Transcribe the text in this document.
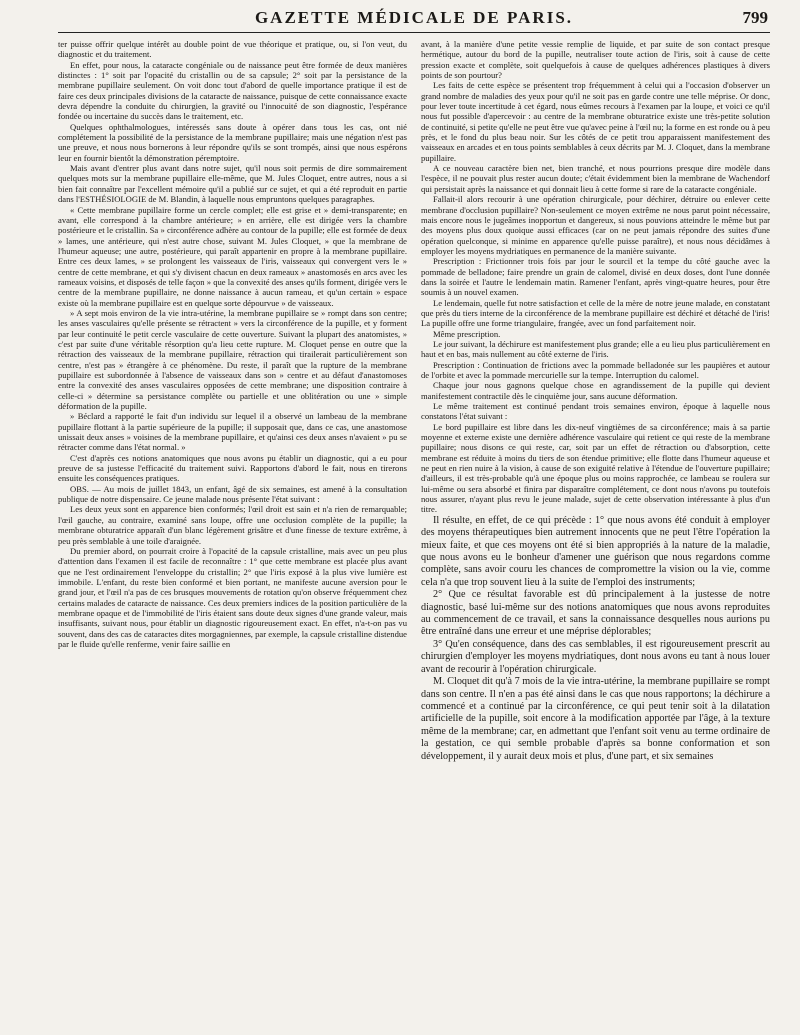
GAZETTE MÉDICALE DE PARIS.	799

ter puisse offrir quelque intérêt au double point de vue théorique et pratique, ou, si l'on veut, du diagnostic et du traitement.

En effet, pour nous, la cataracte congéniale ou de naissance peut être formée de deux manières distinctes : 1° soit par l'opacité du cristallin ou de sa capsule; 2° soit par la persistance de la membrane pupillaire seulement. On voit donc tout d'abord de quelle importance pratique il est de faire ces deux principales divisions de la cataracte de naissance, puisque de cette connaissance exacte devra dépendre la conduite du chirurgien, la gravité ou l'innocuité de son diagnostic, l'espérance fondée ou incertaine du succès dans le traitement, etc.

Quelques ophthalmologues, intéressés sans doute à opérer dans tous les cas, ont nié complétement la possibilité de la persistance de la membrane pupillaire; mais une négation n'est pas une preuve, et nous nous bornerons à leur répondre qu'ils se sont trompés, ainsi que nous espérons leur en fournir bientôt la démonstration péremptoire.

Mais avant d'entrer plus avant dans notre sujet, qu'il nous soit permis de dire sommairement quelques mots sur la membrane pupillaire elle-même, que M. Jules Cloquet, entre autres, nous a si bien fait connaître par l'excellent mémoire qu'il a publié sur ce sujet, et qui a été reproduit en partie dans l'ESTHÉSIOLOGIE de M. Blandin, à laquelle nous empruntons quelques paragraphes.

« Cette membrane pupillaire forme un cercle complet; elle est grise et » demi-transparente; en avant, elle correspond à la chambre antérieure; » en arrière, elle est dirigée vers la chambre postérieure et le cristallin. Sa » circonférence adhère au contour de la pupille; elle est formée de deux » lames, une antérieure, qui n'est autre chose, suivant M. Jules Cloquet, » que la membrane de l'humeur aqueuse; une autre, postérieure, qui paraît appartenir en propre à la membrane pupillaire. Entre ces deux lames, » se prolongent les vaisseaux de l'iris, vaisseaux qui convergent vers le » centre de cette membrane, et qui s'y divisent chacun en deux rameaux » anastomosés en arcs avec les rameaux voisins, et disposés de telle façon » que la convexité des anses qu'ils forment, dirigée vers le centre de la membrane pupillaire, ne donne naissance à aucun rameau, et qu'un certain » espace existe où la membrane pupillaire est en quelque sorte dépourvue » de vaisseaux.

» A sept mois environ de la vie intra-utérine, la membrane pupillaire se » rompt dans son centre; les anses vasculaires qu'elle présente se rétractent » vers la circonférence de la pupille, et y forment par leur continuité le petit cercle vasculaire de cette ouverture. Suivant la plupart des anatomistes, » c'est par suite d'une véritable résorption qu'a lieu cette rupture. M. Cloquet pense en outre que la rétraction des vaisseaux de la membrane pupillaire, rétraction qui tirailerait particulièrement son centre, n'est pas » étrangère à ce phénomène. Du reste, il paraît que la rupture de la membrane pupillaire est subordonnée à l'absence de vaisseaux dans son » centre et au défaut d'anastomoses entre la convexité des anses vasculaires opposées de cette membrane; une disposition contraire à celle-ci » détermine sa persistance complète ou partielle et une oblitération ou une » simple déformation de la pupille.

» Béclard a rapporté le fait d'un individu sur lequel il a observé un lambeau de la membrane pupillaire flottant à la partie supérieure de la pupille; il supposait que, dans ce cas, une anastomose unissait deux anses » voisines de la membrane pupillaire, et qu'ainsi ces deux anses n'avaient » pu se rétracter comme dans l'état normal. »

C'est d'après ces notions anatomiques que nous avons pu établir un diagnostic, qui a eu pour preuve de sa justesse l'efficacité du traitement suivi. Rapportons d'abord le fait, nous en tirerons ensuite les conséquences pratiques.

OBS. — Au mois de juillet 1843, un enfant, âgé de six semaines, est amené à la consultation publique de notre dispensaire. Ce jeune malade nous présente l'état suivant :

Les deux yeux sont en apparence bien conformés; l'œil droit est sain et n'a rien de remarquable; l'œil gauche, au contraire, examiné sans loupe, offre une occlusion complète de la pupille; la membrane obturatrice apparaît d'un blanc légèrement grisâtre et d'une finesse de texture extrême, à peu près semblable à une toile d'araignée.

Du premier abord, on pourrait croire à l'opacité de la capsule cristalline, mais avec un peu plus d'attention dans l'examen il est facile de reconnaître : 1° que cette membrane est placée plus avant que ne l'est ordinairement l'enveloppe du cristallin; 2° que l'iris exposé à la plus vive lumière est immobile. L'enfant, du reste bien conformé et bien portant, ne manifeste aucune aversion pour le grand jour, et l'œil n'a pas de ces brusques mouvements de rotation qu'on observe fréquemment chez certains malades de cataracte de naissance. Ces deux premiers indices de la position particulière de la membrane opaque et de l'immobilité de l'iris étaient sans doute deux signes d'une grande valeur, mais insuffisants, suivant nous, pour établir un diagnostic rigoureusement exact. En effet, n'a-t-on pas vu souvent, dans des cas de cataractes dites morgagniennes, par exemple, la capsule cristalline distendue par le fluide qu'elle renferme, venir faire saillie en

avant, à la manière d'une petite vessie remplie de liquide, et par suite de son contact presque hermétique, autour du bord de la pupille, neutraliser toute action de l'iris, soit à cause de cette pression exacte et complète, soit quelquefois à cause de quelques adhérences plastiques à divers points de son pourtour?

Les faits de cette espèce se présentent trop fréquemment à celui qui a l'occasion d'observer un grand nombre de maladies des yeux pour qu'il ne soit pas en garde contre une telle méprise. Or donc, pour lever toute incertitude à cet égard, nous eûmes recours à l'examen par la loupe, et voici ce qu'il nous fut possible d'apercevoir : au centre de la membrane obturatrice existe une très-petite solution de continuité, si petite qu'elle ne peut être vue qu'avec peine à l'œil nu; la forme en est ronde ou à peu près, et le fond du plus beau noir. Sur les côtés de ce petit trou apparaissent manifestement des vaisseaux en arcades et en tous points semblables à ceux décrits par M. J. Cloquet, dans la membrane pupillaire.

A ce nouveau caractère bien net, bien tranché, et nous pourrions presque dire modèle dans l'espèce, il ne pouvait plus rester aucun doute; c'était évidemment bien la membrane de Wachendorf qui persistait après la naissance et qui donnait lieu à cette forme si rare de la cataracte congéniale.

Fallait-il alors recourir à une opération chirurgicale, pour déchirer, détruire ou enlever cette membrane d'occlusion pupillaire? Non-seulement ce moyen extrême ne nous parut point nécessaire, mais encore nous le jugeâmes inopportun et dangereux, si nous pouvions atteindre le même but par des moyens plus doux quoique aussi efficaces (car on ne peut jamais répondre des suites d'une opération quelconque, si minime en apparence qu'elle puisse paraître), et nous nous décidâmes à employer les moyens mydriatiques en permanence de la manière suivante.

Prescription : Frictionner trois fois par jour le sourcil et la tempe du côté gauche avec la pommade de belladone; faire prendre un grain de calomel, divisé en deux doses, dont l'une donnée dans la soirée et l'autre le lendemain matin. Ramener l'enfant, après vingt-quatre heures, pour être soumis à un nouvel examen.

Le lendemain, quelle fut notre satisfaction et celle de la mère de notre jeune malade, en constatant que près du tiers interne de la circonférence de la membrane pupillaire est déchiré et détaché de l'iris! La pupille offre une forme triangulaire, frangée, avec un fond parfaitement noir.

Même prescription.

Le jour suivant, la déchirure est manifestement plus grande; elle a eu lieu plus particulièrement en haut et en bas, mais nullement au côté externe de l'iris.

Prescription : Continuation de frictions avec la pommade belladonée sur les paupières et autour de l'orbite et avec la pommade mercurielle sur la tempe. Interruption du calomel.

Chaque jour nous gagnons quelque chose en agrandissement de la pupille qui devient manifestement contractile dès le cinquième jour, sans aucune déformation.

Le même traitement est continué pendant trois semaines environ, époque à laquelle nous constatons l'état suivant :

Le bord pupillaire est libre dans les dix-neuf vingtièmes de sa circonférence; mais à sa partie moyenne et externe existe une dernière adhérence vasculaire qui retient ce qui reste de la membrane pupillaire; nous disons ce qui reste, car, soit par un effet de rétraction ou d'absorption, cette membrane est réduite à moins du tiers de son étendue primitive; elle flotte dans l'humeur aqueuse et ne peut en rien nuire à la vision, à cause de son exiguité relative à l'étendue de l'ouverture pupillaire; d'ailleurs, il est très-probable qu'à une époque plus ou moins rapprochée, ce lambeau se roulera sur lui-même ou sera absorbé et finira par disparaître complétement, ce dont nous n'avons pu toutefois nous assurer, n'ayant plus revu le jeune malade, sujet de cette observation intéressante à plus d'un titre.

Il résulte, en effet, de ce qui précède : 1° que nous avons été conduit à employer des moyens thérapeutiques bien autrement innocents que ne peut l'être l'opération la mieux faite, et que ces moyens ont été si bien appropriés à la nature de la maladie, que nous avons eu le bonheur d'amener une guérison que nous regardons comme complète, sans avoir couru les chances de compromettre la vision ou la vie, comme cela n'a que trop souvent lieu à la suite de l'emploi des instruments;

2° Que ce résultat favorable est dû principalement à la justesse de notre diagnostic, basé lui-même sur des notions anatomiques que nous avons reproduites au commencement de ce travail, et sans la connaissance desquelles nous aurions pu être entraîné dans une erreur et une méprise déplorables;

3° Qu'en conséquence, dans des cas semblables, il est rigoureusement prescrit au chirurgien d'employer les moyens mydriatiques, dont nous avons eu tant à nous louer avant de recourir à l'opération chirurgicale.

M. Cloquet dit qu'à 7 mois de la vie intra-utérine, la membrane pupillaire se rompt dans son centre. Il n'en a pas été ainsi dans le cas que nous rapportons; la déchirure a commencé et a continué par la circonférence, ce qui peut tenir soit à la dilatation artificielle de la pupille, soit encore à la modification apportée par l'âge, à la texture même de la membrane; car, en admettant que l'enfant soit venu au terme ordinaire de la gestation, ce qui semble probable d'après sa bonne conformation et son développement, il y aurait deux mois et plus, d'une part, et six semaines
